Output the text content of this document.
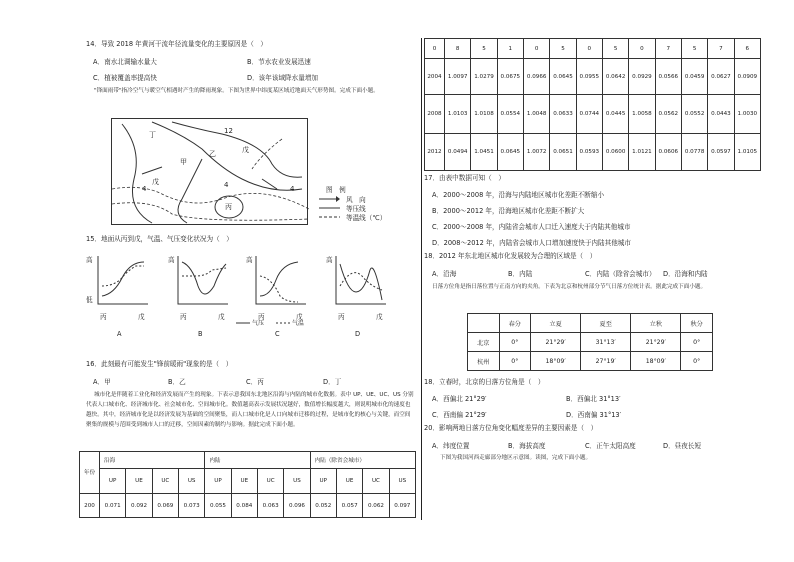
14．导致 2018 年黄河干流年径流量变化的主要原因是（　）
A．南水北调输水量大	B．节水农业发展迅速
C．植被覆盖率提高快	D．该年该域降水量增加
"锋面雨带"指冷空气与暖空气相遇时产生的降雨现象。下图为世界中纬度某区域近地面天气形势图。完成下面小题。
12
4	4
4
戊
乙
甲
戊
丁
丙
图　例
风　向
等压线
等温线（℃）
15．地面从丙到戊，气温、气压变化状况为（　）
高
低
丙	戊
高
丙	戊
高
丙	戊
高
丙	戊
气压	气温
A	B	C	D
16．此刻最有可能发生"锋前暖雨"现象的是（　）
A．甲	B．乙	C．丙	D．丁
城市化是伴随着工业化和经济发展而产生的现象。下表示意我国东北地区沿海与内陆的城市化数据。表中 UP、UE、UC、US 分别代表人口城市化、经济城市化、社会城市化、空间城市化。数值越高表示发展状况越好，数值增长幅度越大，则说明城市化的速度也越快。其中，经济城市化是以经济发展为基础的空间聚集，而人口城市化是人口向城市迁移的过程，是城市化的核心与关键，而空间聚集的规模与范围受到城市人口的迁移，空间因素的制约与影响。据此完成下面小题。
年份	沿海				内陆				内陆（除省会城市）			
	UP	UE	UC	US	UP	UE	UC	US	UP	UE	UC	US
200	0.071	0.092	0.069	0.073	0.055	0.084	0.063	0.096	0.052	0.057	0.062	0.097
0	8	5	1	0	5	0	5	0	7	5	7	6
2004	1.0097	1.0279	0.0675	0.0966	0.0645	0.0955	0.0642	0.0929	0.0566	0.0459	0.0627	0.0909
2008	1.0103	1.0108	0.0554	1.0048	0.0633	0.0744	0.0445	1.0058	0.0562	0.0552	0.0443	1.0030
2012	0.0494	1.0451	0.0645	1.0072	0.0651	0.0593	0.0600	1.0121	0.0606	0.0778	0.0597	1.0105
17．由表中数据可知（　）
A．2000～2008 年，沿海与内陆地区城市化差距不断缩小
B．2000～2012 年，沿海地区城市化差距不断扩大
C．2000～2008 年，内陆省会城市人口迁入速度大于内陆其他城市
D．2008～2012 年，内陆省会城市人口增加速度快于内陆其他城市
18．2012 年东北地区城市化发展较为合理的区域是（　）
A．沿海	B．内陆	C．内陆（除省会城市） D．沿海和内陆
日落方位角是指日落位置与正南方向的夹角。下表为北京和杭州部分节气日落方位统计表。据此完成下面小题。
	春分	立夏	夏至	立秋	秋分
北京	0°	21°29′	31°13′	21°29′	0°
杭州	0°	18°09′	27°19′	18°09′	0°
18．立春时，北京的日落方位角是（　）
A．西偏北 21°29′	B．西偏北 31°13′
C．西南偏 21°29′	D．西南偏 31°13′
20．影响两地日落方位角变化幅度差异的主要因素是（　）
A．纬度位置	B．海拔高度	C．正午太阳高度	D．昼夜长短
下图为我国河西走廊部分地区示意图。读图，完成下面小题。
